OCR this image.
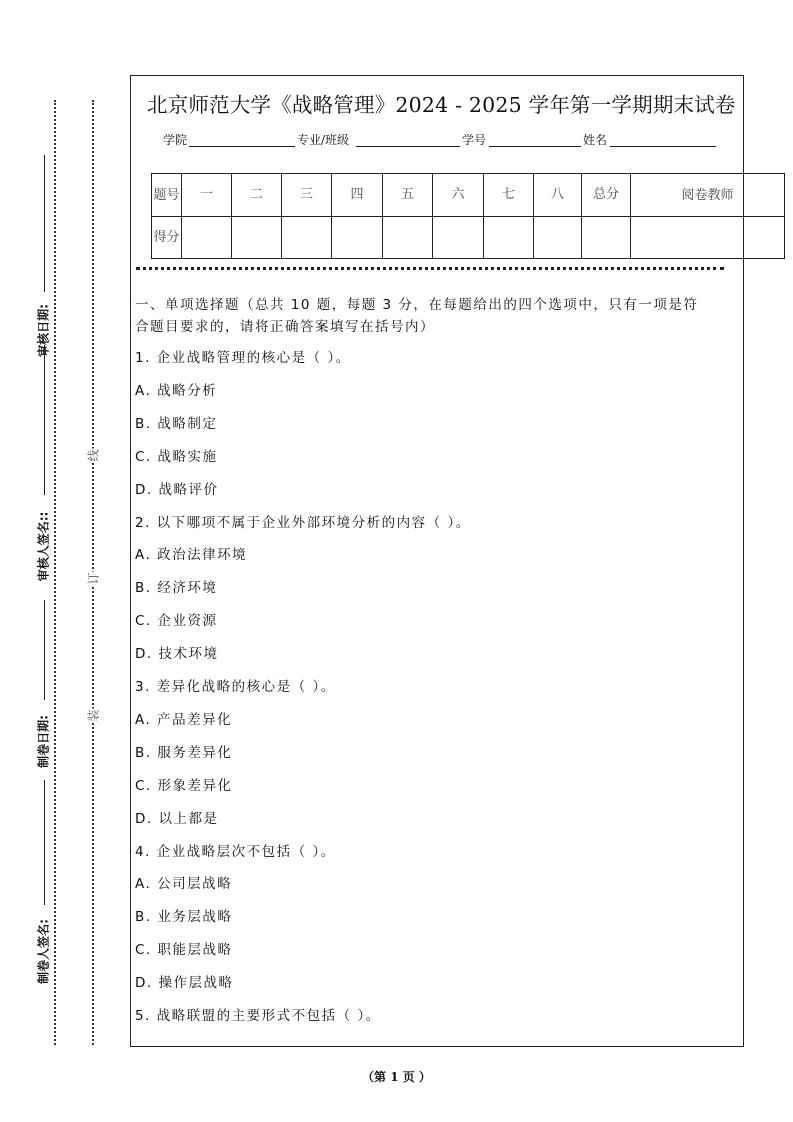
审核日期:
审核人签名::
制卷日期:
制卷人签名:
装
订
线
北京师范大学《战略管理》2024 - 2025 学年第一学期期末试卷
学院	专业/班级	学号	姓名
题号	一	二	三	四	五	六	七	八	总分	阅卷教师
得分										
一、单项选择题（总共 10 题，每题 3 分，在每题给出的四个选项中，只有一项是符
合题目要求的，请将正确答案填写在括号内）
1. 企业战略管理的核心是（ ）。
A. 战略分析
B. 战略制定
C. 战略实施
D. 战略评价
2. 以下哪项不属于企业外部环境分析的内容（ ）。
A. 政治法律环境
B. 经济环境
C. 企业资源
D. 技术环境
3. 差异化战略的核心是（ ）。
A. 产品差异化
B. 服务差异化
C. 形象差异化
D. 以上都是
4. 企业战略层次不包括（ ）。
A. 公司层战略
B. 业务层战略
C. 职能层战略
D. 操作层战略
5. 战略联盟的主要形式不包括（ ）。
（第 1 页 ）
